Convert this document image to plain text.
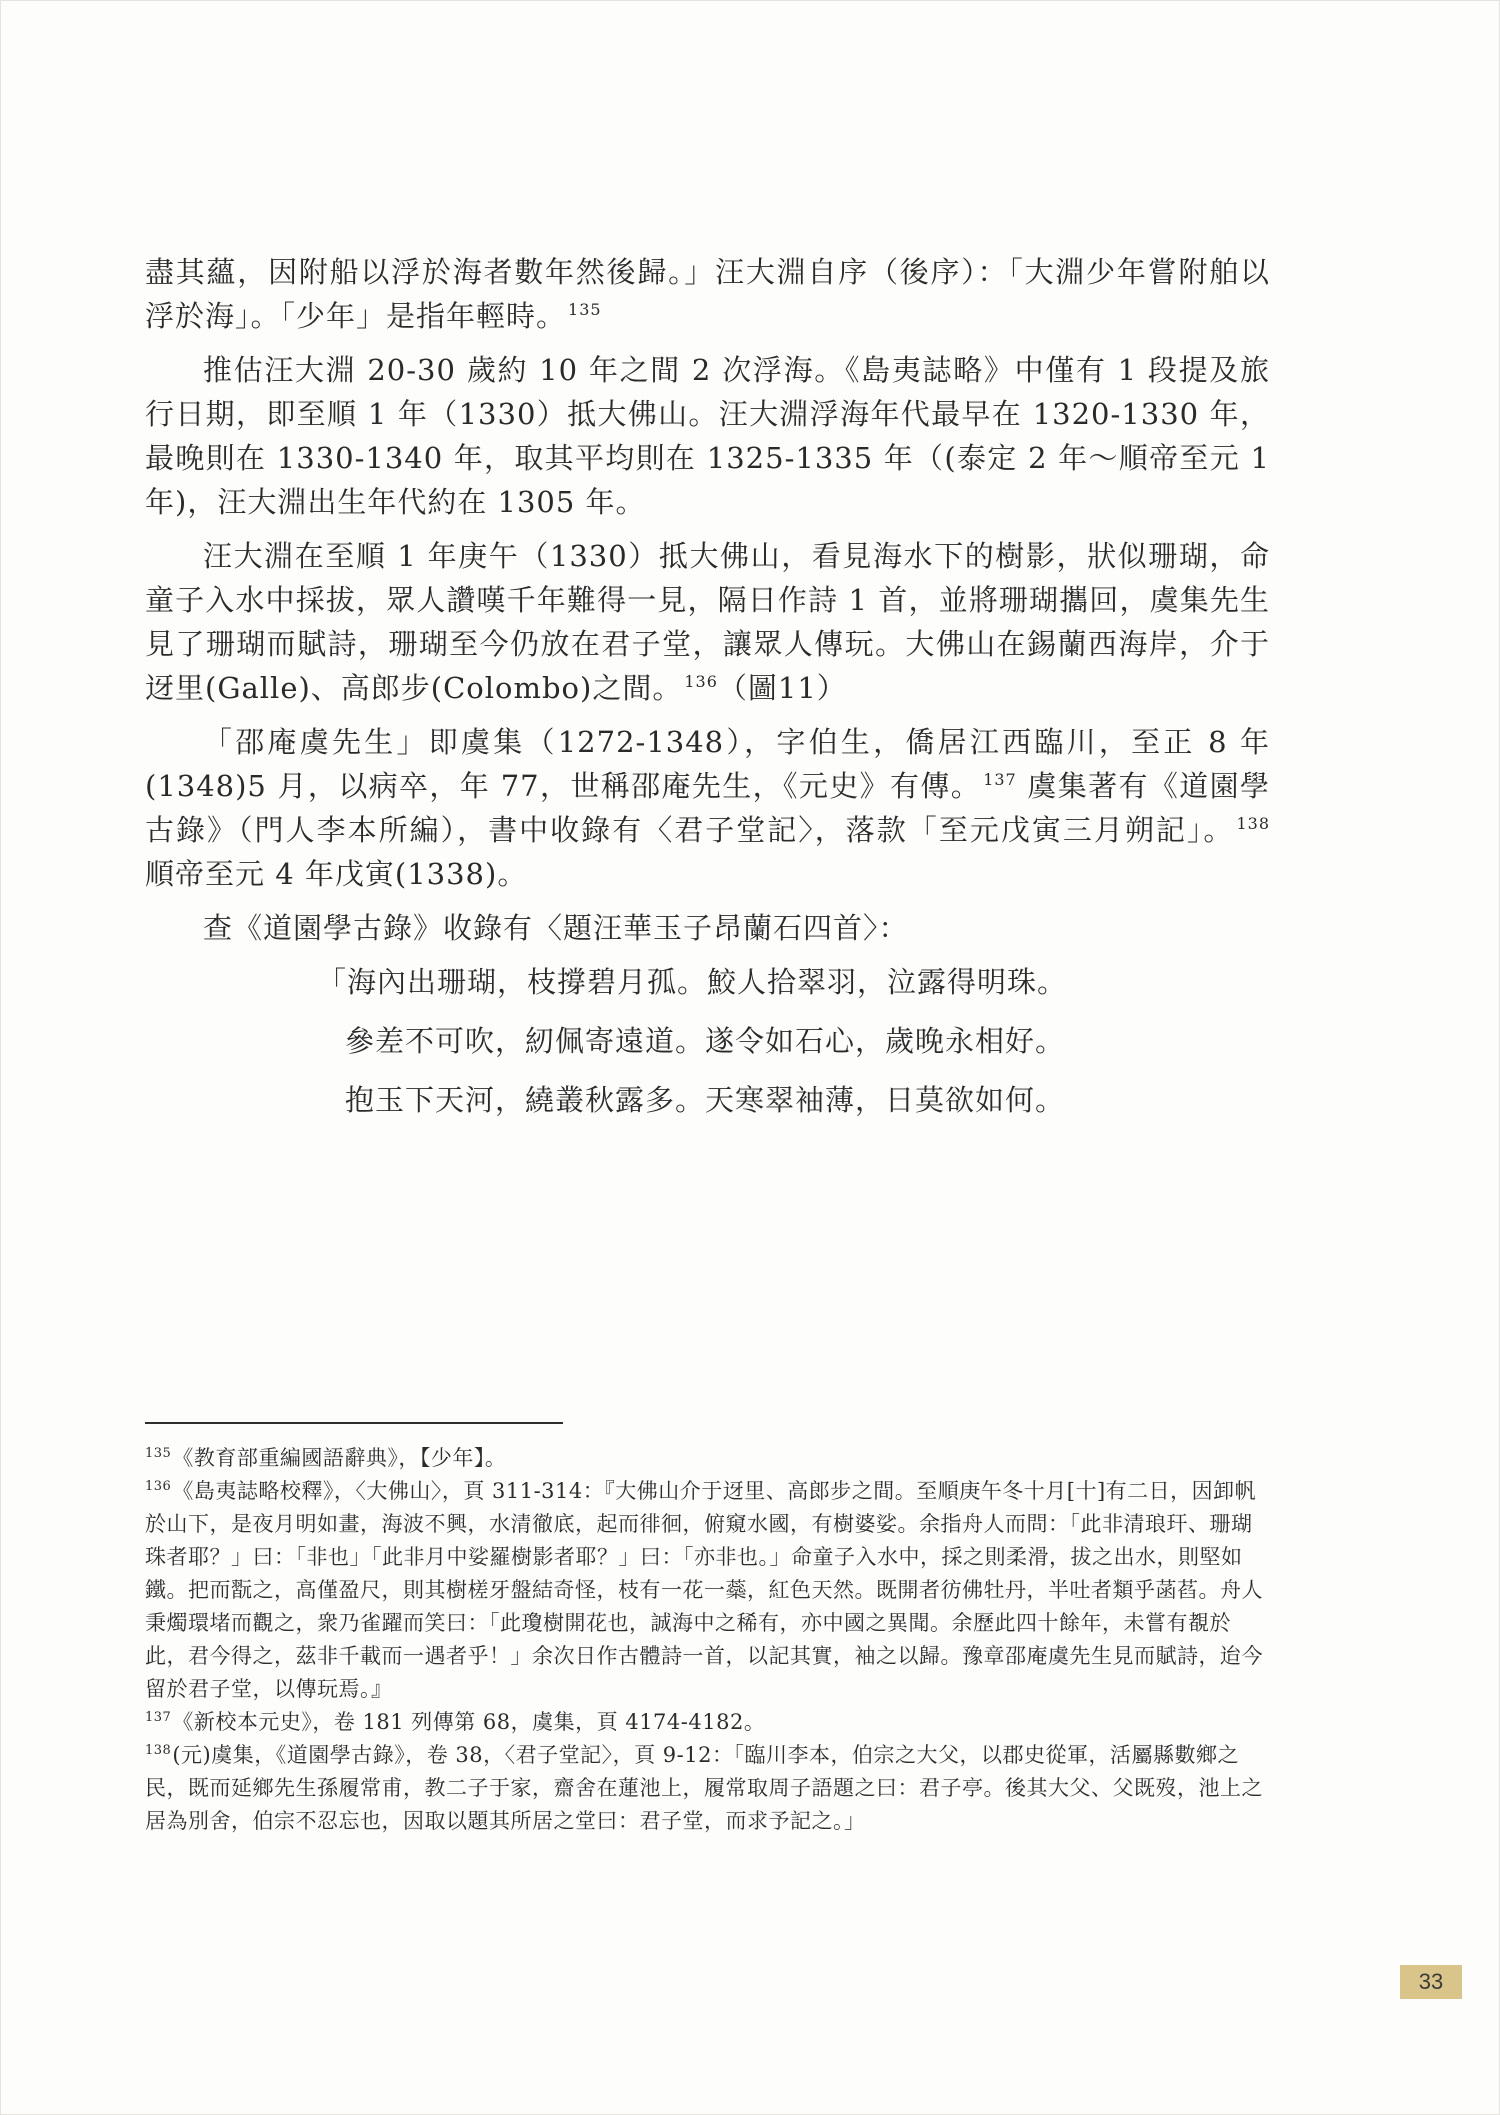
盡其蘊，因附船以浮於海者數年然後歸。」汪大淵自序（後序）：「大淵少年嘗附舶以浮於海」。「少年」是指年輕時。 $^{135}$

推估汪大淵 20-30 歲約 10 年之間 2 次浮海。《島夷誌略》中僅有 1 段提及旅行日期，即至順 1 年（1330）抵大佛山。汪大淵浮海年代最早在 1320-1330 年，最晚則在 1330-1340 年，取其平均則在 1325-1335 年（(泰定 2 年～順帝至元 1 年)，汪大淵出生年代約在 1305 年。

汪大淵在至順 1 年庚午（1330）抵大佛山，看見海水下的樹影，狀似珊瑚，命童子入水中採拔，眾人讚嘆千年難得一見，隔日作詩 1 首，並將珊瑚攜回，虞集先生見了珊瑚而賦詩，珊瑚至今仍放在君子堂，讓眾人傳玩。大佛山在錫蘭西海岸，介于迓里(Galle)、高郎步(Colombo)之間。 $^{136}$（圖11）

「邵庵虞先生」即虞集（1272-1348），字伯生，僑居江西臨川，至正 8 年(1348)5 月，以病卒，年 77，世稱邵庵先生，《元史》有傳。 $^{137}$ 虞集著有《道園學古錄》（門人李本所編），書中收錄有〈君子堂記〉，落款「至元戊寅三月朔記」。 $^{138}$ 順帝至元 4 年戊寅(1338)。

查《道園學古錄》收錄有〈題汪華玉子昂蘭石四首〉：

「海內出珊瑚，枝撐碧月孤。鮫人拾翠羽，泣露得明珠。

參差不可吹，紉佩寄遠道。遂令如石心，歲晚永相好。

抱玉下天河，繞叢秋露多。天寒翠袖薄，日莫欲如何。

$^{135}$《教育部重編國語辭典》，【少年】。

$^{136}$《島夷誌略校釋》，〈大佛山〉，頁 311-314：『大佛山介于迓里、高郎步之間。至順庚午冬十月[十]有二日，因卸帆於山下，是夜月明如畫，海波不興，水清徹底，起而徘徊，俯窺水國，有樹婆娑。余指舟人而問：「此非清琅玕、珊瑚珠者耶？」曰：「非也」「此非月中娑羅樹影者耶？」曰：「亦非也。」命童子入水中，採之則柔滑，拔之出水，則堅如鐵。把而翫之，高僅盈尺，則其樹槎牙盤結奇怪，枝有一花一蘂，紅色天然。既開者彷佛牡丹，半吐者類乎菡萏。舟人秉燭環堵而觀之，衆乃雀躍而笑曰：「此瓊樹開花也，誠海中之稀有，亦中國之異聞。余歷此四十餘年，未嘗有覩於此，君今得之，茲非千載而一遇者乎！」余次日作古體詩一首，以記其實，袖之以歸。豫章邵庵虞先生見而賦詩，迨今留於君子堂，以傳玩焉。』

$^{137}$《新校本元史》，卷 181 列傳第 68，虞集，頁 4174-4182。

$^{138}$(元)虞集，《道園學古錄》，卷 38，〈君子堂記〉，頁 9-12：「臨川李本，伯宗之大父，以郡史從軍，活屬縣數鄉之民，既而延鄉先生孫履常甫，教二子于家，齋舍在蓮池上，履常取周子語題之曰：君子亭。後其大父、父既歿，池上之居為別舍，伯宗不忍忘也，因取以題其所居之堂曰：君子堂，而求予記之。」

33
